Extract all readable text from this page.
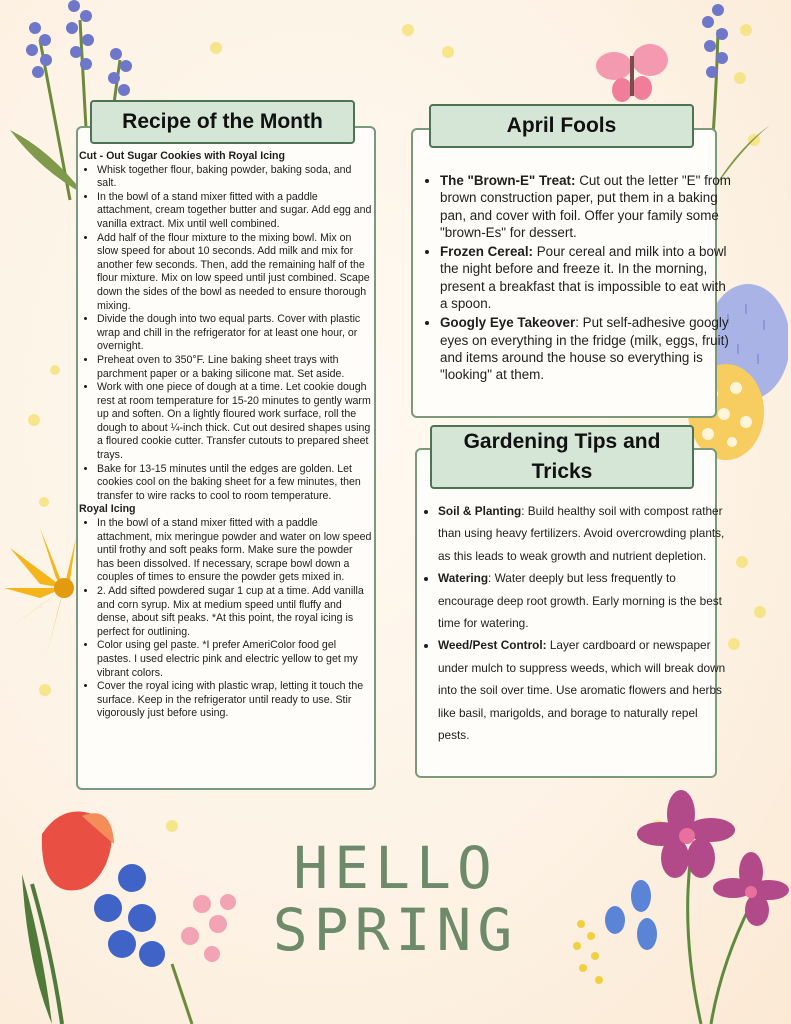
Recipe of the Month
Cut - Out Sugar Cookies with Royal Icing
• Whisk together flour, baking powder, baking soda, and salt.
• In the bowl of a stand mixer fitted with a paddle attachment, cream together butter and sugar. Add egg and vanilla extract. Mix until well combined.
• Add half of the flour mixture to the mixing bowl. Mix on slow speed for about 10 seconds. Add milk and mix for another few seconds. Then, add the remaining half of the flour mixture. Mix on low speed until just combined. Scape down the sides of the bowl as needed to ensure thorough mixing.
• Divide the dough into two equal parts. Cover with plastic wrap and chill in the refrigerator for at least one hour, or overnight.
• Preheat oven to 350°F. Line baking sheet trays with parchment paper or a baking silicone mat. Set aside.
• Work with one piece of dough at a time. Let cookie dough rest at room temperature for 15-20 minutes to gently warm up and soften. On a lightly floured work surface, roll the dough to about ¼-inch thick. Cut out desired shapes using a floured cookie cutter. Transfer cutouts to prepared sheet trays.
• Bake for 13-15 minutes until the edges are golden. Let cookies cool on the baking sheet for a few minutes, then transfer to wire racks to cool to room temperature.
Royal Icing
• In the bowl of a stand mixer fitted with a paddle attachment, mix meringue powder and water on low speed until frothy and soft peaks form. Make sure the powder has been dissolved. If necessary, scrape bowl down a couples of times to ensure the powder gets mixed in.
• 2. Add sifted powdered sugar 1 cup at a time. Add vanilla and corn syrup. Mix at medium speed until fluffy and dense, about sift peaks. *At this point, the royal icing is perfect for outlining.
• Color using gel paste. *I prefer AmeriColor food gel pastes. I used electric pink and electric yellow to get my vibrant colors.
• Cover the royal icing with plastic wrap, letting it touch the surface. Keep in the refrigerator until ready to use. Stir vigorously just before using.
April Fools
• The "Brown-E" Treat: Cut out the letter "E" from brown construction paper, put them in a baking pan, and cover with foil. Offer your family some "brown-Es" for dessert.
• Frozen Cereal: Pour cereal and milk into a bowl the night before and freeze it. In the morning, present a breakfast that is impossible to eat with a spoon.
• Googly Eye Takeover: Put self-adhesive googly eyes on everything in the fridge (milk, eggs, fruit) and items around the house so everything is "looking" at them.
Gardening Tips and Tricks
• Soil & Planting: Build healthy soil with compost rather than using heavy fertilizers. Avoid overcrowding plants, as this leads to weak growth and nutrient depletion.
• Watering: Water deeply but less frequently to encourage deep root growth. Early morning is the best time for watering.
• Weed/Pest Control: Layer cardboard or newspaper under mulch to suppress weeds, which will break down into the soil over time. Use aromatic flowers and herbs like basil, marigolds, and borage to naturally repel pests.
HELLO
SPRING
